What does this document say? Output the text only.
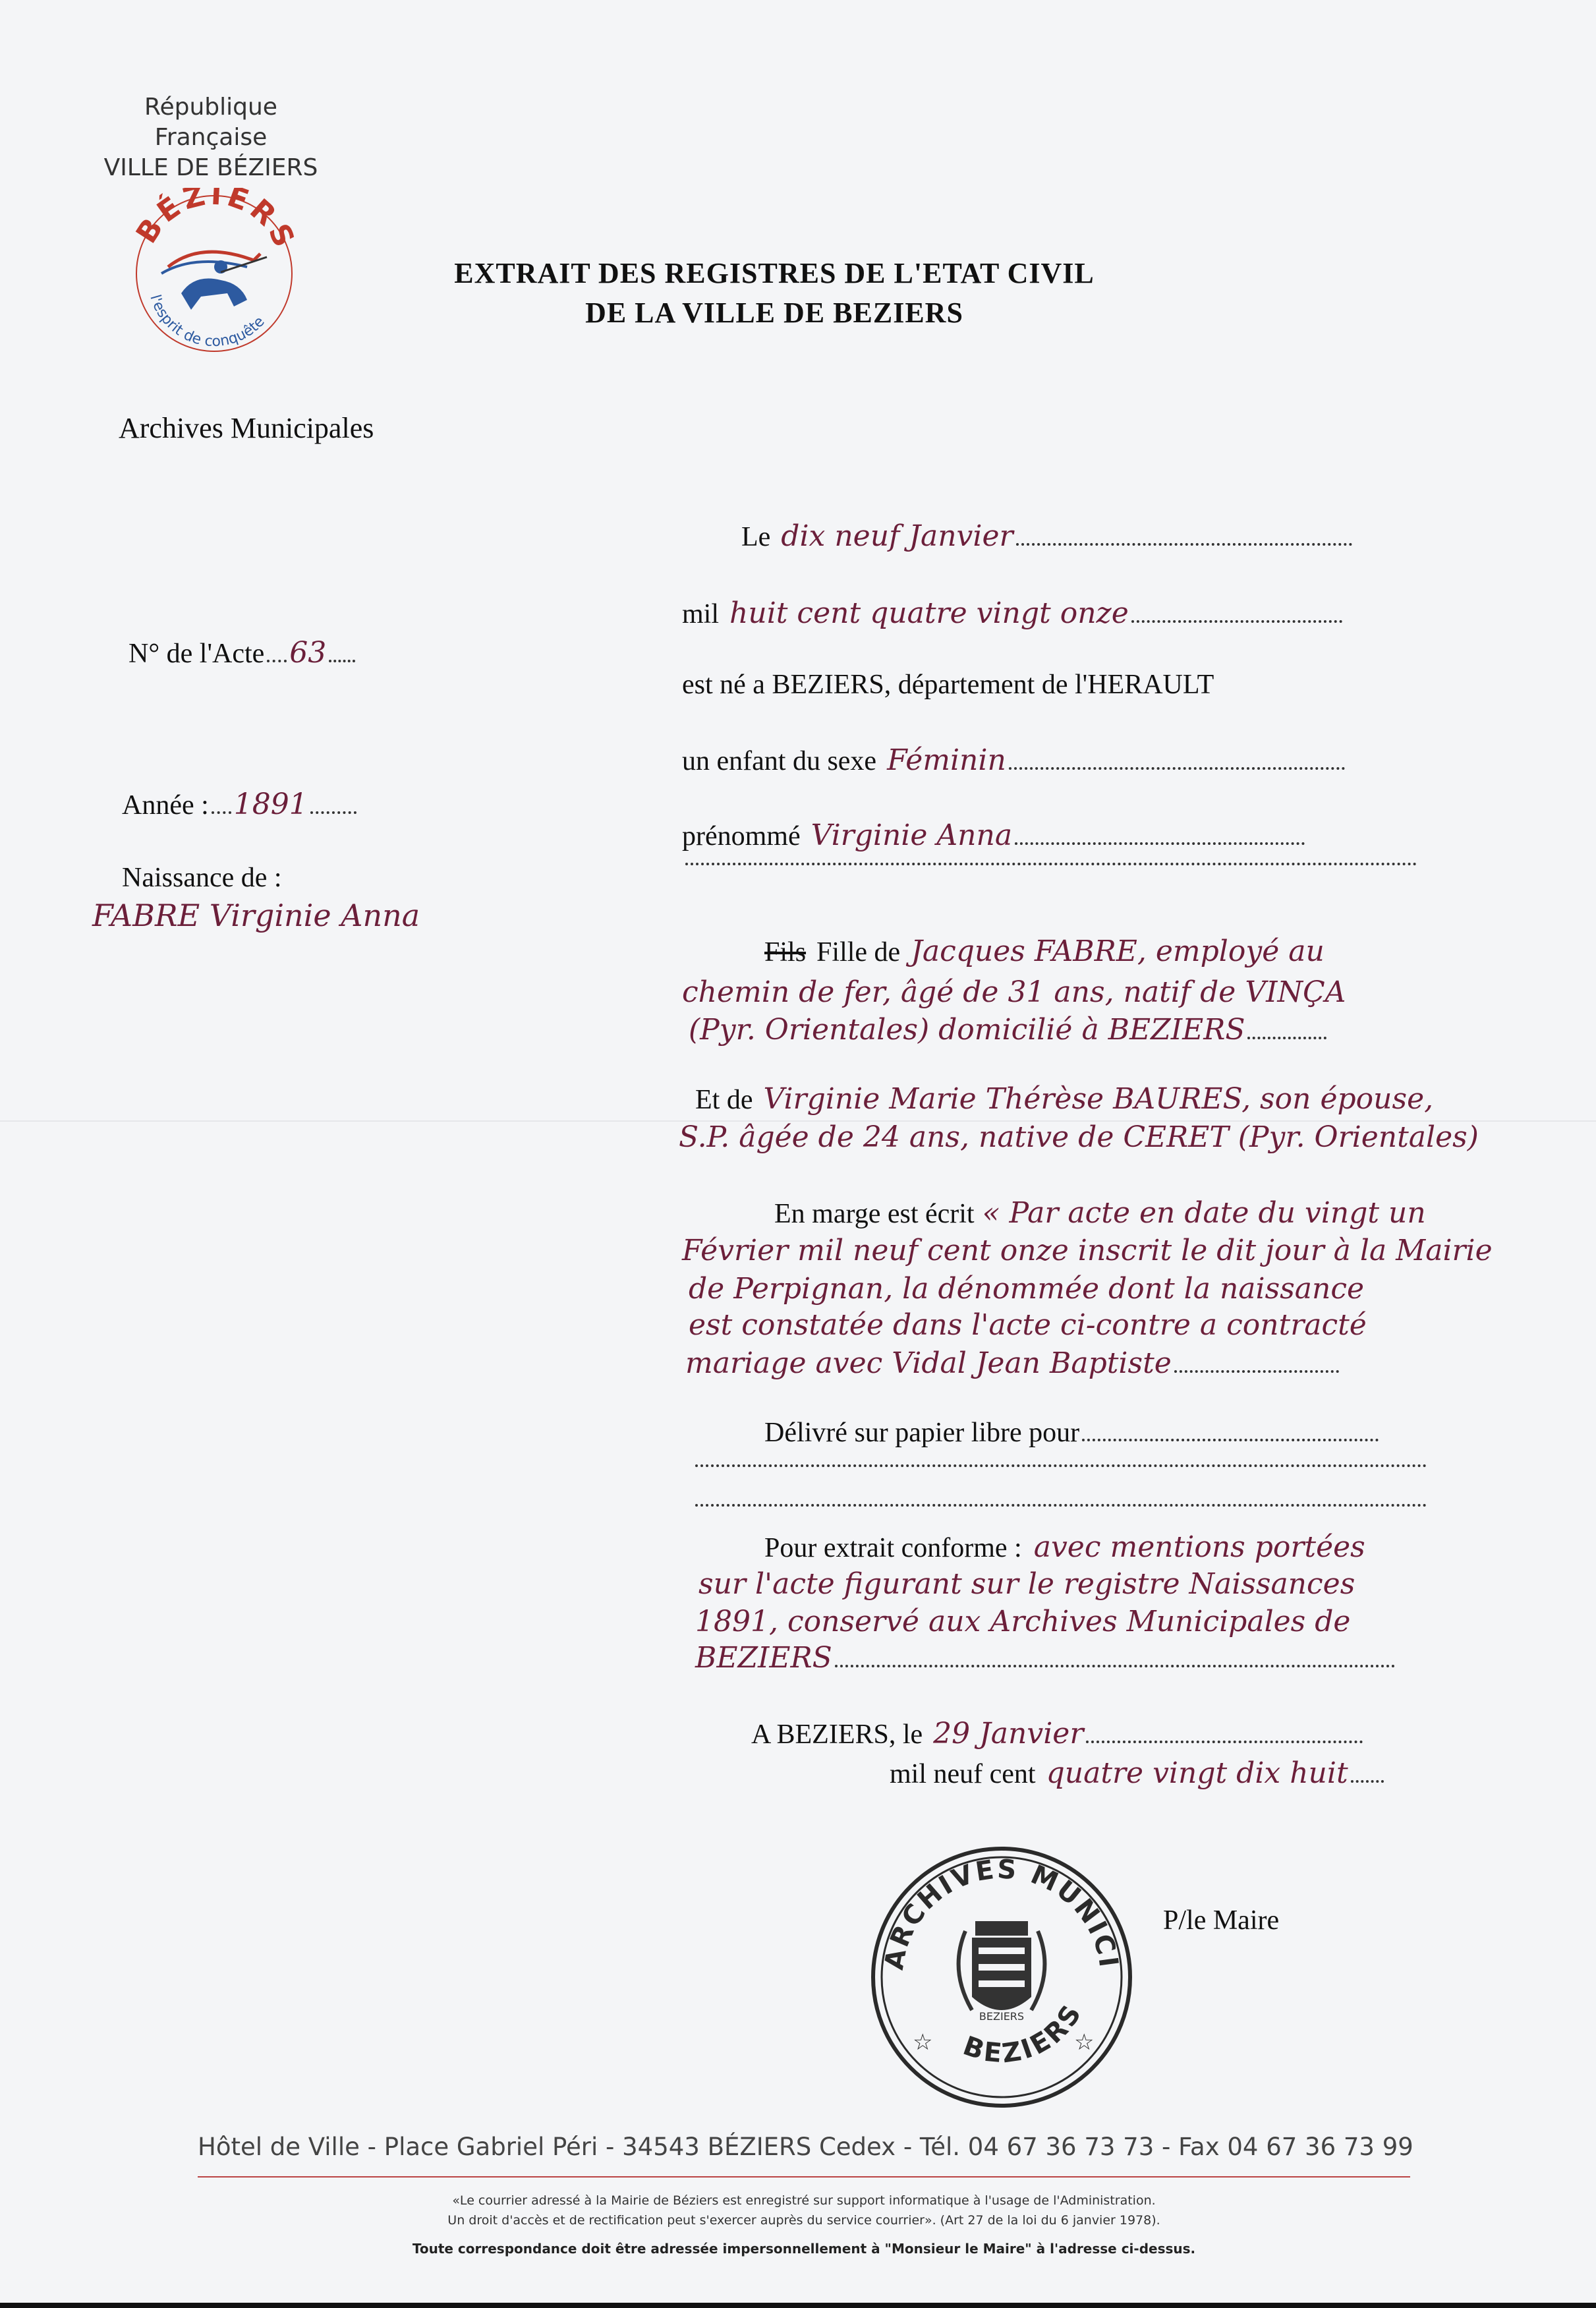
République Française
VILLE DE BÉZIERS
BÉZIERS
l'esprit de conquête
EXTRAIT DES REGISTRES DE L'ETAT CIVIL
DE LA VILLE DE BEZIERS
Archives Municipales
N° de l'Acte 63
Année : 1891
Naissance de :
FABRE Virginie Anna
Le dix neuf Janvier
mil huit cent quatre vingt onze
est né a BEZIERS, département de l'HERAULT
un enfant du sexe Féminin
prénommé Virginie Anna
Fils Fille de Jacques FABRE, employé au
chemin de fer, âgé de 31 ans, natif de VINÇA
(Pyr. Orientales) domicilié à BEZIERS
Et de Virginie Marie Thérèse BAURES, son épouse,
S.P. âgée de 24 ans, native de CERET (Pyr. Orientales)
En marge est écrit « Par acte en date du vingt un
Février mil neuf cent onze inscrit le dit jour à la Mairie
de Perpignan, la dénommée dont la naissance
est constatée dans l'acte ci-contre a contracté
mariage avec Vidal Jean Baptiste
Délivré sur papier libre pour
Pour extrait conforme : avec mentions portées
sur l'acte figurant sur le registre Naissances
1891, conservé aux Archives Municipales de
BEZIERS
A BEZIERS, le 29 Janvier
mil neuf cent quatre vingt dix huit
ARCHIVES MUNICI
BEZIERS
☆	☆
BEZIERS
P/le Maire
Hôtel de Ville - Place Gabriel Péri - 34543 BÉZIERS Cedex - Tél. 04 67 36 73 73 - Fax 04 67 36 73 99
«Le courrier adressé à la Mairie de Béziers est enregistré sur support informatique à l'usage de l'Administration.
Un droit d'accès et de rectification peut s'exercer auprès du service courrier». (Art 27 de la loi du 6 janvier 1978).
Toute correspondance doit être adressée impersonnellement à "Monsieur le Maire" à l'adresse ci-dessus.
